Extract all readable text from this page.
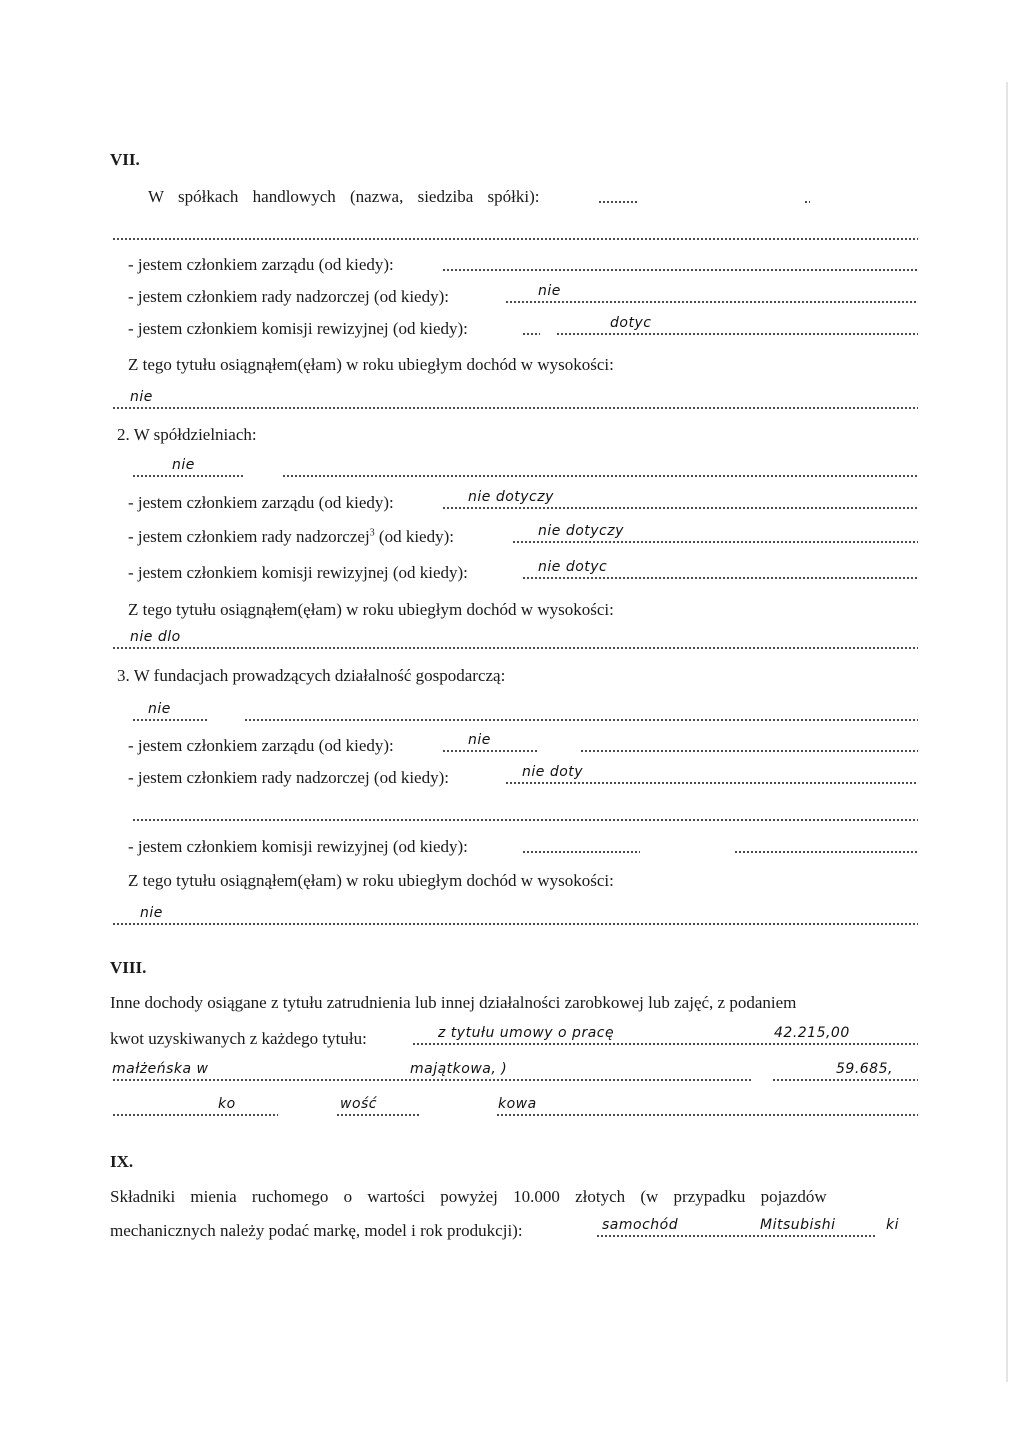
VII.
W spółkach handlowych (nazwa, siedziba spółki):
- jestem członkiem zarządu (od kiedy):
- jestem członkiem rady nadzorczej (od kiedy):	nie
- jestem członkiem komisji rewizyjnej (od kiedy):	dotyc
Z tego tytułu osiągnąłem(ęłam) w roku ubiegłym dochód w wysokości:
nie
2. W spółdzielniach:
nie
- jestem członkiem zarządu (od kiedy):	nie dotyczy
- jestem członkiem rady nadzorczej$^3$ (od kiedy):	nie dotyczy
- jestem członkiem komisji rewizyjnej (od kiedy):	nie dotyc
Z tego tytułu osiągnąłem(ęłam) w roku ubiegłym dochód w wysokości:
nie dlo
3. W fundacjach prowadzących działalność gospodarczą:
nie
- jestem członkiem zarządu (od kiedy):	nie
- jestem członkiem rady nadzorczej (od kiedy):	nie doty
- jestem członkiem komisji rewizyjnej (od kiedy):
Z tego tytułu osiągnąłem(ęłam) w roku ubiegłym dochód w wysokości:
nie
VIII.
Inne dochody osiągane z tytułu zatrudnienia lub innej działalności zarobkowej lub zajęć, z podaniem
kwot uzyskiwanych z każdego tytułu:	z tytułu umowy o pracę	42.215,00
małżeńska w	majątkowa, )	59.685,
ko	wość	kowa
IX.
Składniki mienia ruchomego o wartości powyżej 10.000 złotych (w przypadku pojazdów
mechanicznych należy podać markę, model i rok produkcji):	samochód	Mitsubishi	ki
